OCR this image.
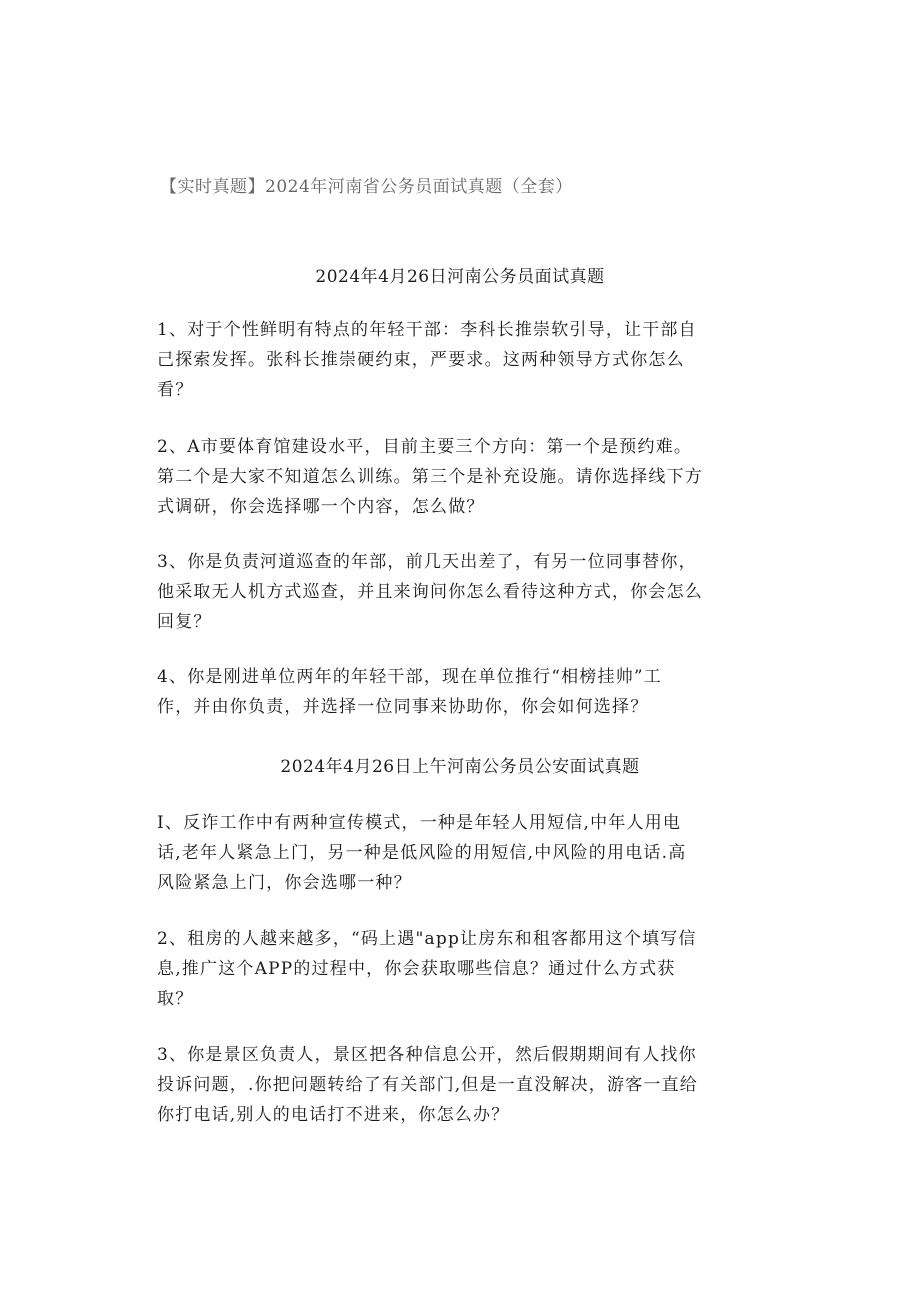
【实时真题】2024年河南省公务员面试真题（全套）
2024年4月26日河南公务员面试真题
1、对于个性鲜明有特点的年轻干部：李科长推崇软引导，让干部自
己探索发挥。张科长推崇硬约束，严要求。这两种领导方式你怎么
看？
2、A市要体育馆建设水平，目前主要三个方向：第一个是预约难。
第二个是大家不知道怎么训练。第三个是补充设施。请你选择线下方
式调研，你会选择哪一个内容，怎么做？
3、你是负责河道巡查的年部，前几天出差了，有另一位同事替你，
他采取无人机方式巡查，并且来询问你怎么看待这种方式，你会怎么
回复？
4、你是刚进单位两年的年轻干部，现在单位推行“相榜挂帅”工
作，并由你负责，并选择一位同事来协助你，你会如何选择？
2024年4月26日上午河南公务员公安面试真题
I、反诈工作中有两种宣传模式，一种是年轻人用短信,中年人用电
话,老年人紧急上门，另一种是低风险的用短信,中风险的用电话.高
风险紧急上门，你会选哪一种？
2、租房的人越来越多，“码上遇"app让房东和租客都用这个填写信
息,推广这个APP的过程中，你会获取哪些信息？通过什么方式获
取？
3、你是景区负责人，景区把各种信息公开，然后假期期间有人找你
投诉问题，.你把问题转给了有关部门,但是一直没解决，游客一直给
你打电话,别人的电话打不进来，你怎么办？
